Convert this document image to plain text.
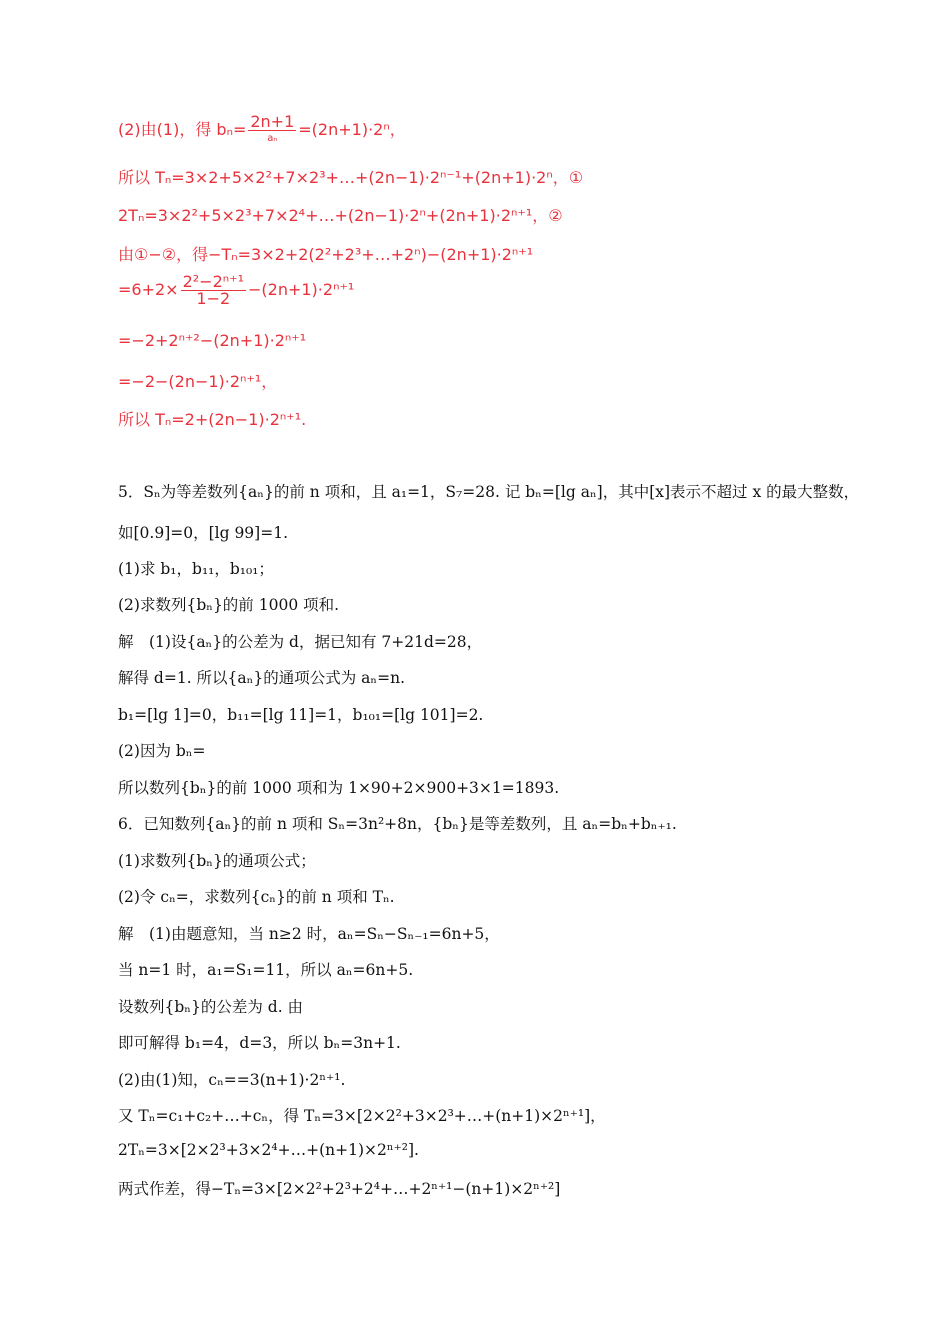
(2)由(1)，得 $b_n= \frac{2n+1}{\text{aₙ}} =(2n+1)\cdot 2^n$，
所以 Tₙ=3×2+5×2²+7×2³+…+(2n−1)·2ⁿ⁻¹+(2n+1)·2ⁿ，①
2Tₙ=3×2²+5×2³+7×2⁴+…+(2n−1)·2ⁿ+(2n+1)·2ⁿ⁺¹，②
由①−②，得−Tₙ=3×2+2(2²+2³+…+2ⁿ)−(2n+1)·2ⁿ⁺¹
$=6+2\times \frac{\text{2²−2ⁿ⁺¹}}{1-2} -(2n+1)\cdot 2^{n+1}$
=−2+2ⁿ⁺²−(2n+1)·2ⁿ⁺¹
=−2−(2n−1)·2ⁿ⁺¹，
所以 Tₙ=2+(2n−1)·2ⁿ⁺¹.
5．Sₙ为等差数列{aₙ}的前 n 项和，且 a₁=1，S₇=28. 记 bₙ=[lg aₙ]，其中[x]表示不超过 x 的最大整数，
如[0.9]=0，[lg 99]=1.
(1)求 b₁，b₁₁，b₁₀₁；
(2)求数列{bₙ}的前 1000 项和.
解　(1)设{aₙ}的公差为 d，据已知有 7+21d=28，
解得 d=1. 所以{aₙ}的通项公式为 aₙ=n.
b₁=[lg 1]=0，b₁₁=[lg 11]=1，b₁₀₁=[lg 101]=2.
(2)因为 bₙ=
所以数列{bₙ}的前 1000 项和为 1×90+2×900+3×1=1893.
6．已知数列{aₙ}的前 n 项和 Sₙ=3n²+8n，{bₙ}是等差数列，且 aₙ=bₙ+bₙ₊₁.
(1)求数列{bₙ}的通项公式；
(2)令 cₙ=，求数列{cₙ}的前 n 项和 Tₙ.
解　(1)由题意知，当 n≥2 时，aₙ=Sₙ−Sₙ₋₁=6n+5，
当 n=1 时，a₁=S₁=11，所以 aₙ=6n+5.
设数列{bₙ}的公差为 d. 由
即可解得 b₁=4，d=3，所以 bₙ=3n+1.
(2)由(1)知，cₙ==3(n+1)·2ⁿ⁺¹.
又 Tₙ=c₁+c₂+…+cₙ，得 Tₙ=3×[2×2²+3×2³+…+(n+1)×2ⁿ⁺¹]，
2Tₙ=3×[2×2³+3×2⁴+…+(n+1)×2ⁿ⁺²].
两式作差，得−Tₙ=3×[2×2²+2³+2⁴+…+2ⁿ⁺¹−(n+1)×2ⁿ⁺²]
